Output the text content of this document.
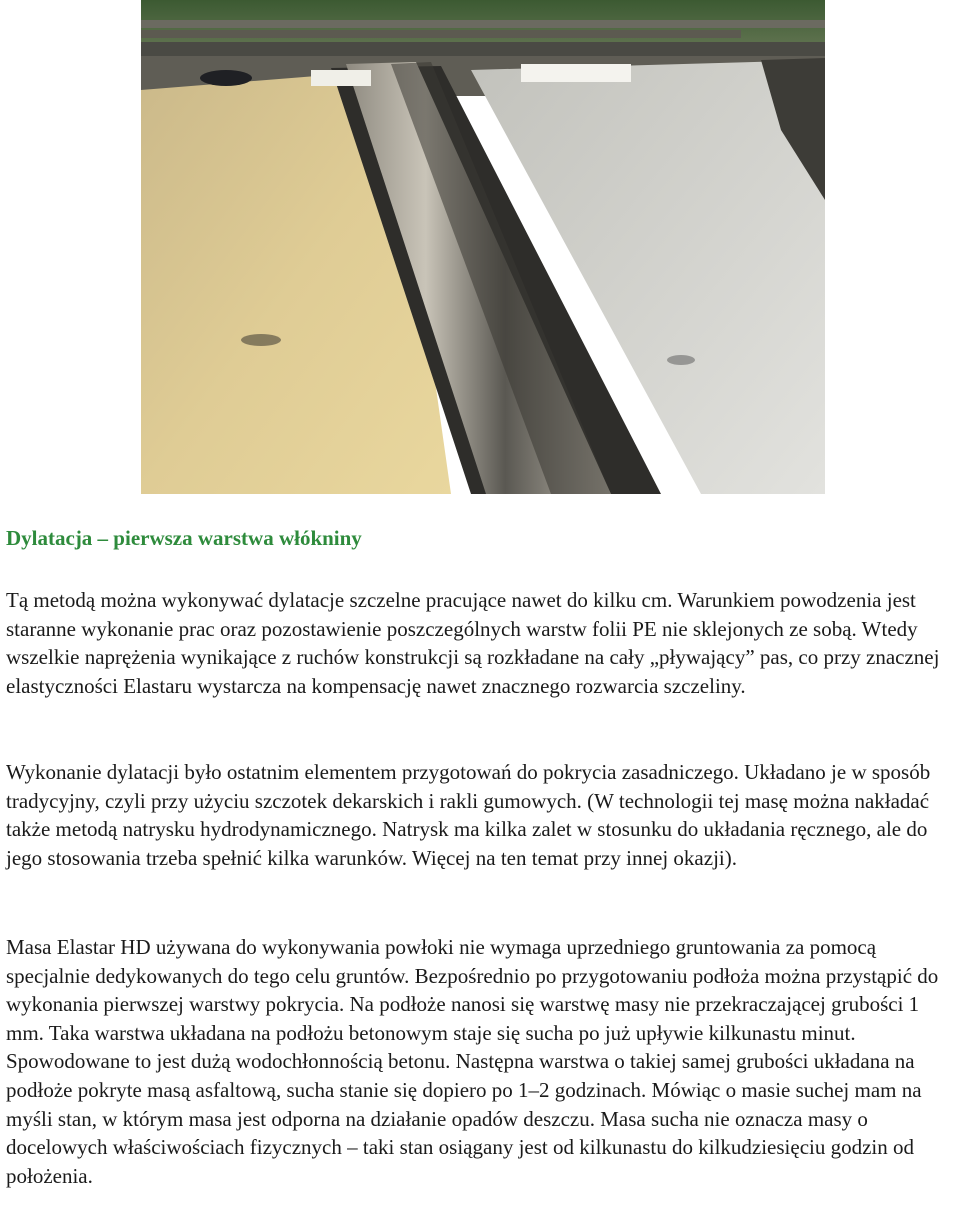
Dylatacja – pierwsza warstwa włókniny

Tą metodą można wykonywać dylatacje szczelne pracujące nawet do kilku cm. Warunkiem powodzenia jest staranne wykonanie prac oraz pozostawienie poszczególnych warstw folii PE nie sklejonych ze sobą. Wtedy wszelkie naprężenia wynikające z ruchów konstrukcji są rozkładane na cały „pływający” pas, co przy znacznej elastyczności Elastaru wystarcza na kompensację nawet znacznego rozwarcia szczeliny.

Wykonanie dylatacji było ostatnim elementem przygotowań do pokrycia zasadniczego. Układano je w sposób tradycyjny, czyli przy użyciu szczotek dekarskich i rakli gumowych. (W technologii tej masę można nakładać także metodą natrysku hydrodynamicznego. Natrysk ma kilka zalet w stosunku do układania ręcznego, ale do jego stosowania trzeba spełnić kilka warunków. Więcej na ten temat przy innej okazji).

Masa Elastar HD używana do wykonywania powłoki nie wymaga uprzedniego gruntowania za pomocą specjalnie dedykowanych do tego celu gruntów. Bezpośrednio po przygotowaniu podłoża można przystąpić do wykonania pierwszej warstwy pokrycia. Na podłoże nanosi się warstwę masy nie przekraczającej grubości 1 mm. Taka warstwa układana na podłożu betonowym staje się sucha po już upływie kilkunastu minut. Spowodowane to jest dużą wodochłonnością betonu. Następna warstwa o takiej samej grubości układana na podłoże pokryte masą asfaltową, sucha stanie się dopiero po 1–2 godzinach. Mówiąc o masie suchej mam na myśli stan, w którym masa jest odporna na działanie opadów deszczu. Masa sucha nie oznacza masy o docelowych właściwościach fizycznych – taki stan osiągany jest od kilkunastu do kilkudziesięciu godzin od położenia.
